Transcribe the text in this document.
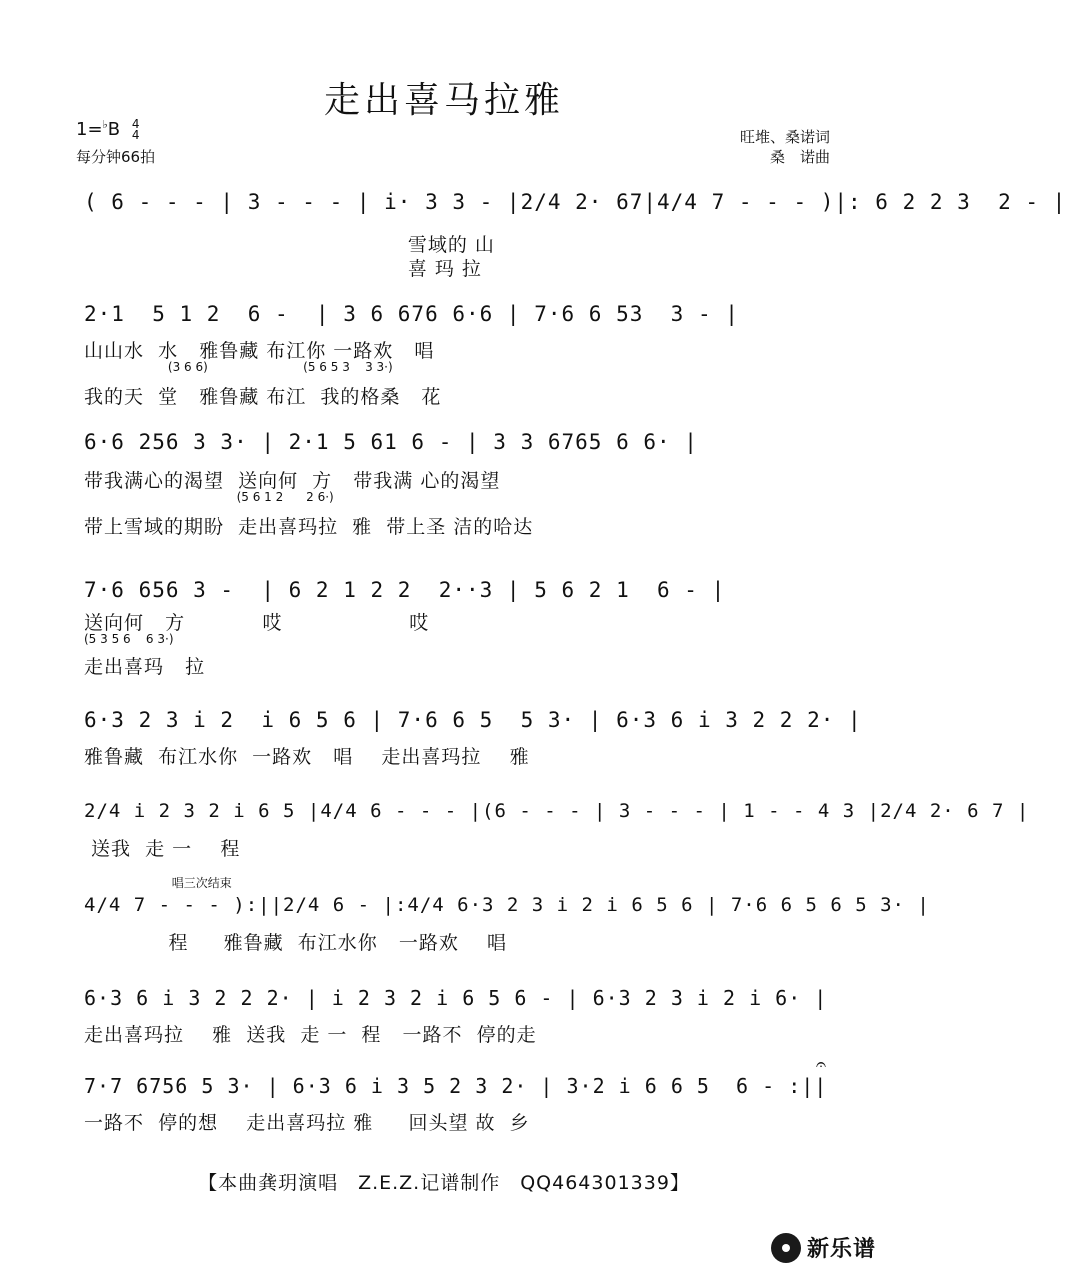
走出喜马拉雅
1=♭B 4
4
每分钟66拍
旺堆、桑诺词
桑　诺曲
( 6 - - - | 3 - - - | i· 3 3 - |2/4 2· 67|4/4 7 - - - )|: 6 2 2 3  2 - |
雪域的 山
喜 玛 拉
2·1  5 1 2  6 -  | 3 6 676 6·6 | 7·6 6 53  3 - |
山山水  水   雅鲁藏 布江你 一路欢   唱
(3 6 6)                         (5 6 5 3    3 3·)
我的天  堂   雅鲁藏 布江  我的格桑   花
6·6 256 3 3· | 2·1 5 61 6 - | 3 3 6765 6 6· |
带我满心的渴望  送向何  方   带我满 心的渴望
(5 6 1 2      2 6·)
带上雪域的期盼  走出喜玛拉  雅  带上圣 洁的哈达
7·6 656 3 -  | 6 2 1 2 2  2··3 | 5 6 2 1  6 - |
送向何   方           哎                  哎
(5 3 5 6    6 3·)
走出喜玛   拉
6·3 2 3 i 2  i 6 5 6 | 7·6 6 5  5 3· | 6·3 6 i 3 2 2 2· |
雅鲁藏  布江水你  一路欢   唱    走出喜玛拉    雅
2/4 i 2 3 2 i 6 5 |4/4 6 - - - |(6 - - - | 3 - - - | 1 - - 4 3 |2/4 2· 6 7 |
送我  走 一    程
唱三次结束
4/4 7 - - - ):||2/4 6 - |:4/4 6·3 2 3 i 2 i 6 5 6 | 7·6 6 5 6 5 3· |
程     雅鲁藏  布江水你   一路欢    唱
6·3 6 i 3 2 2 2· | i 2 3 2 i 6 5 6 - | 6·3 2 3 i 2 i 6· |
走出喜玛拉    雅  送我  走 一  程   一路不  停的走
7·7 6756 5 3· | 6·3 6 i 3 5 2 3 2· | 3·2 i 6 6 5  6 - :||
一路不  停的想    走出喜玛拉 雅     回头望 故  乡
𝄐
【本曲龚玥演唱　Z.E.Z.记谱制作　QQ464301339】
新乐谱
